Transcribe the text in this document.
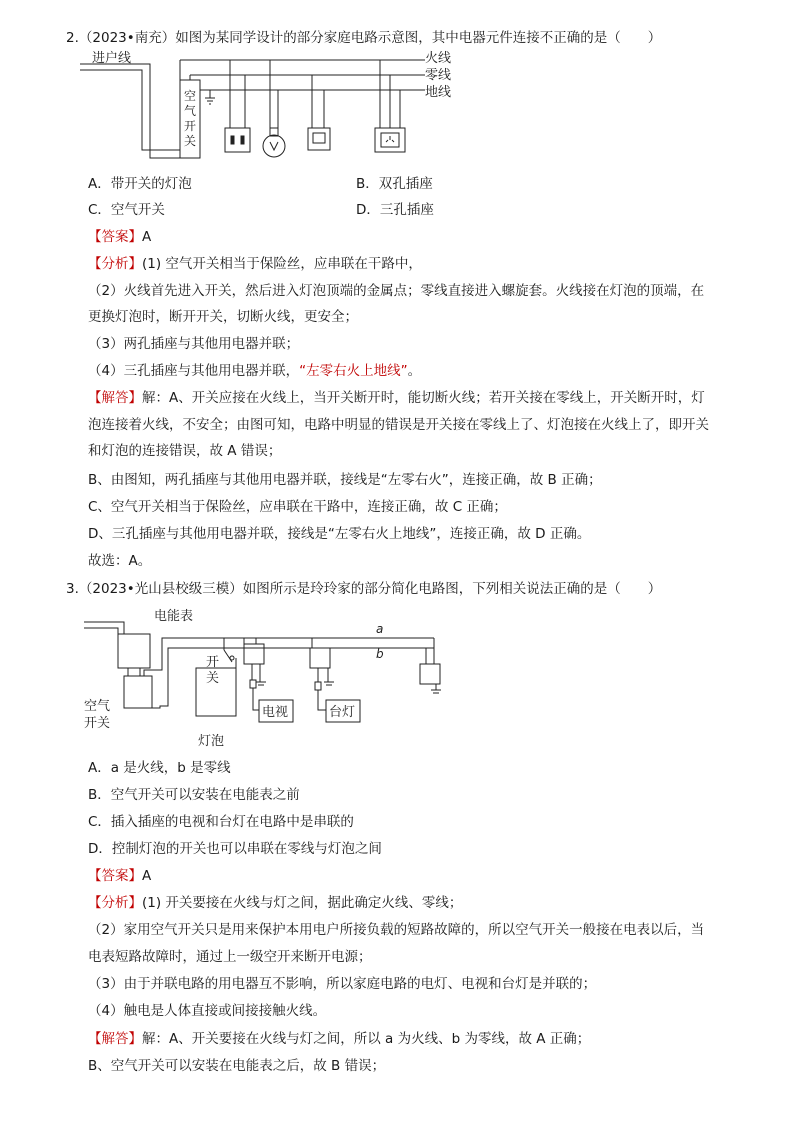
2.（2023•南充）如图为某同学设计的部分家庭电路示意图，其中电器元件连接不正确的是（　　）
进户线	火线
零线
地线
空
气
开
关
A．带开关的灯泡	B．双孔插座
C．空气开关	D．三孔插座
【答案】A
【分析】(1) 空气开关相当于保险丝，应串联在干路中，
（2）火线首先进入开关，然后进入灯泡顶端的金属点；零线直接进入螺旋套。火线接在灯泡的顶端，在
更换灯泡时，断开开关，切断火线，更安全；
（3）两孔插座与其他用电器并联；
（4）三孔插座与其他用电器并联，“左零右火上地线”。
【解答】解：A、开关应接在火线上，当开关断开时，能切断火线；若开关接在零线上，开关断开时，灯
泡连接着火线，不安全；由图可知，电路中明显的错误是开关接在零线上了、灯泡接在火线上了，即开关
和灯泡的连接错误，故 A 错误；
B、由图知，两孔插座与其他用电器并联，接线是“左零右火”，连接正确，故 B 正确；
C、空气开关相当于保险丝，应串联在干路中，连接正确，故 C 正确；
D、三孔插座与其他用电器并联，接线是“左零右火上地线”，连接正确，故 D 正确。
故选：A。
3.（2023•光山县校级三模）如图所示是玲玲家的部分简化电路图，下列相关说法正确的是（　　）
电能表
a
b
开
关
空气
开关
灯泡
电视	台灯
A．a 是火线，b 是零线
B．空气开关可以安装在电能表之前
C．插入插座的电视和台灯在电路中是串联的
D．控制灯泡的开关也可以串联在零线与灯泡之间
【答案】A
【分析】(1) 开关要接在火线与灯之间，据此确定火线、零线；
（2）家用空气开关只是用来保护本用电户所接负载的短路故障的，所以空气开关一般接在电表以后，当
电表短路故障时，通过上一级空开来断开电源；
（3）由于并联电路的用电器互不影响，所以家庭电路的电灯、电视和台灯是并联的；
（4）触电是人体直接或间接接触火线。
【解答】解：A、开关要接在火线与灯之间，所以 a 为火线、b 为零线，故 A 正确；
B、空气开关可以安装在电能表之后，故 B 错误；
